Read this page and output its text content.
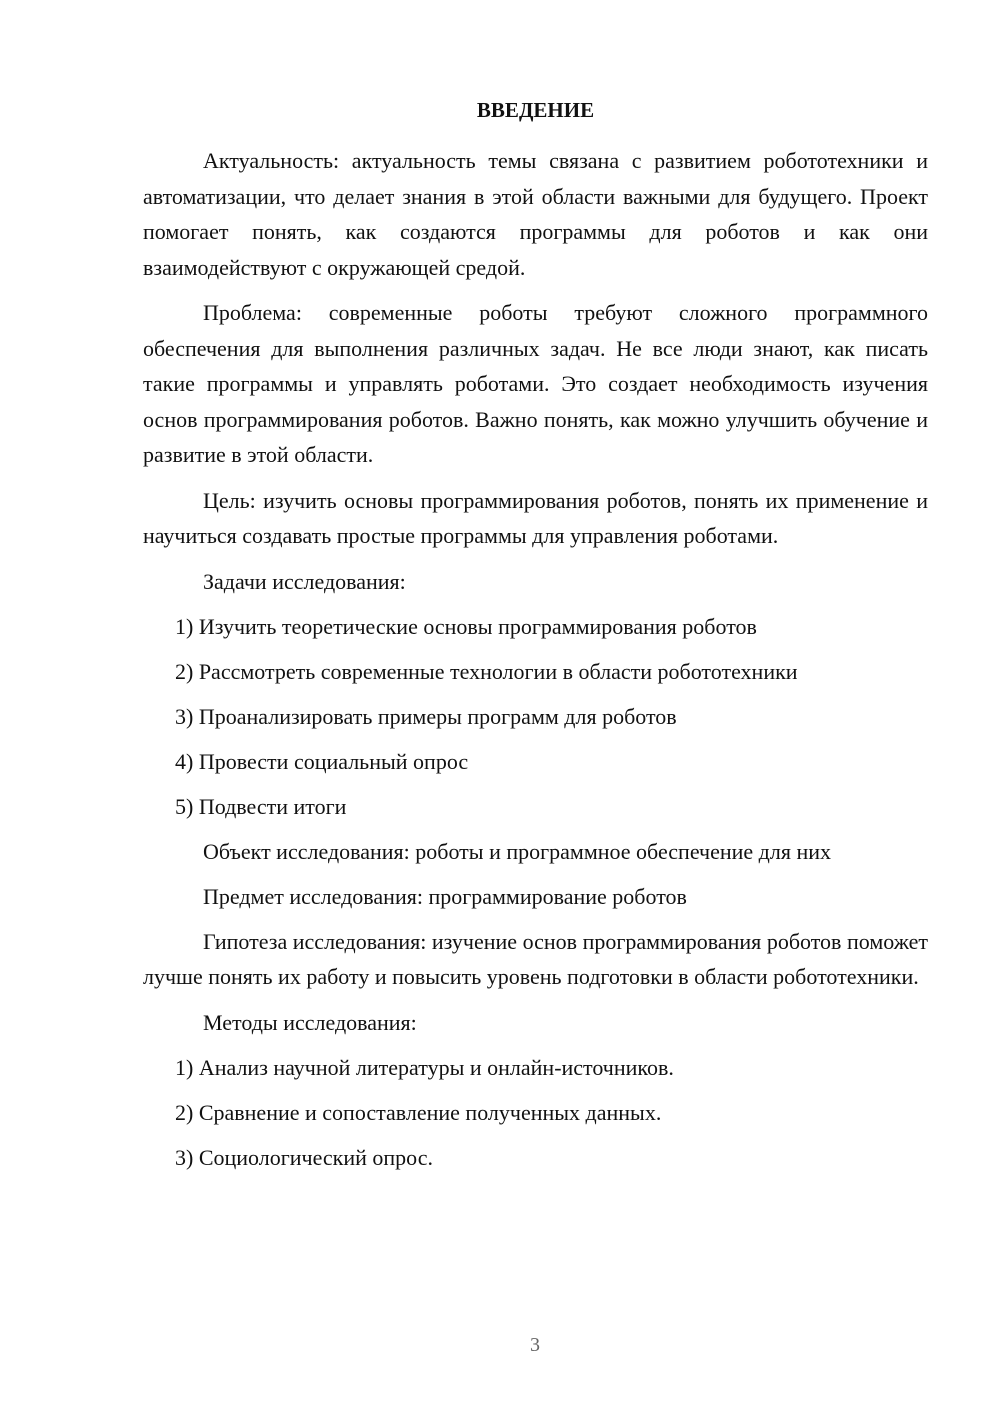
ВВЕДЕНИЕ

Актуальность: актуальность темы связана с развитием робототехники и автоматизации, что делает знания в этой области важными для будущего. Проект помогает понять, как создаются программы для роботов и как они взаимодействуют с окружающей средой.

Проблема: современные роботы требуют сложного программного обеспечения для выполнения различных задач. Не все люди знают, как писать такие программы и управлять роботами. Это создает необходимость изучения основ программирования роботов. Важно понять, как можно улучшить обучение и развитие в этой области.

Цель: изучить основы программирования роботов, понять их применение и научиться создавать простые программы для управления роботами.

Задачи исследования:

1) Изучить теоретические основы программирования роботов
2) Рассмотреть современные технологии в области робототехники
3) Проанализировать примеры программ для роботов
4) Провести социальный опрос
5) Подвести итоги

Объект исследования: роботы и программное обеспечение для них

Предмет исследования: программирование роботов

Гипотеза исследования: изучение основ программирования роботов поможет лучше понять их работу и повысить уровень подготовки в области робототехники.

Методы исследования:

1) Анализ научной литературы и онлайн-источников.
2) Сравнение и сопоставление полученных данных.
3) Социологический опрос.
3
